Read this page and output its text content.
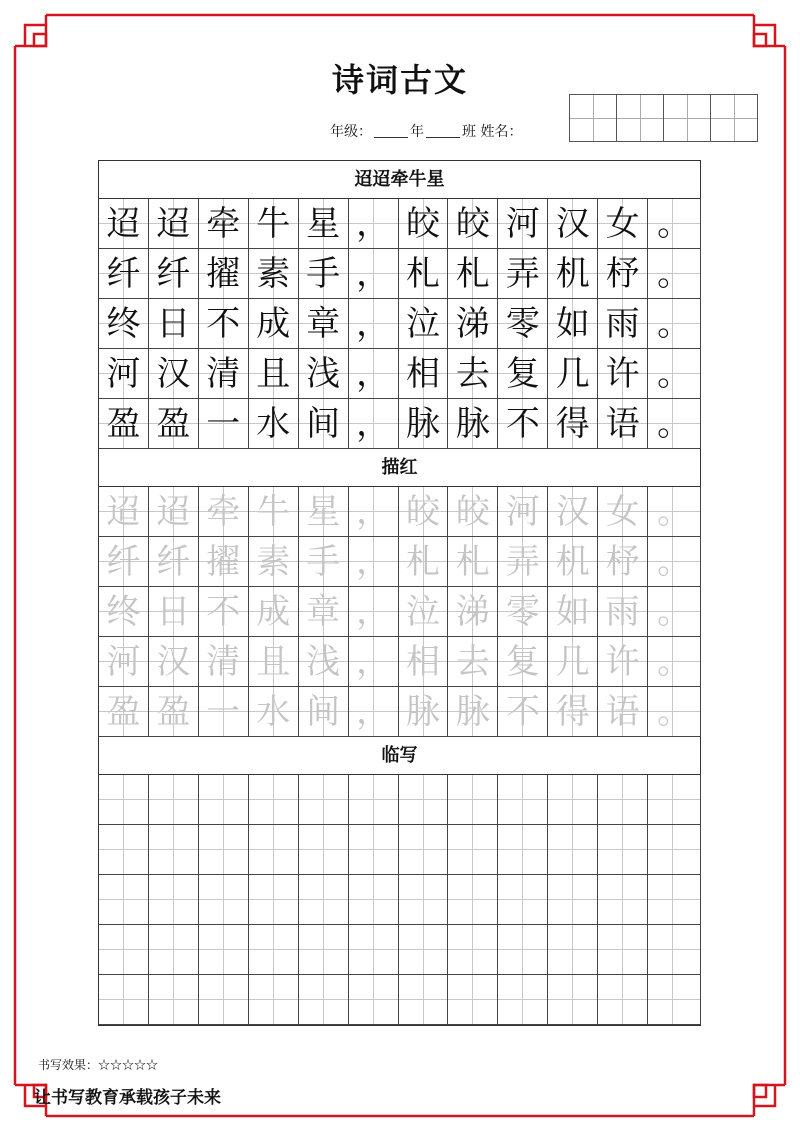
诗词古文
年级：	年	班 姓名：
迢迢牵牛星
迢 迢 牵 牛 星 ， 皎 皎 河 汉 女 。
纤 纤 擢 素 手 ， 札 札 弄 机 杼 。
终 日 不 成 章 ， 泣 涕 零 如 雨 。
河 汉 清 且 浅 ， 相 去 复 几 许 。
盈 盈 一 水 间 ， 脉 脉 不 得 语 。
描红
迢 迢 牵 牛 星 ， 皎 皎 河 汉 女 。
纤 纤 擢 素 手 ， 札 札 弄 机 杼 。
终 日 不 成 章 ， 泣 涕 零 如 雨 。
河 汉 清 且 浅 ， 相 去 复 几 许 。
盈 盈 一 水 间 ， 脉 脉 不 得 语 。
临写
书写效果：☆☆☆☆☆
让书写教育承载孩子未来
